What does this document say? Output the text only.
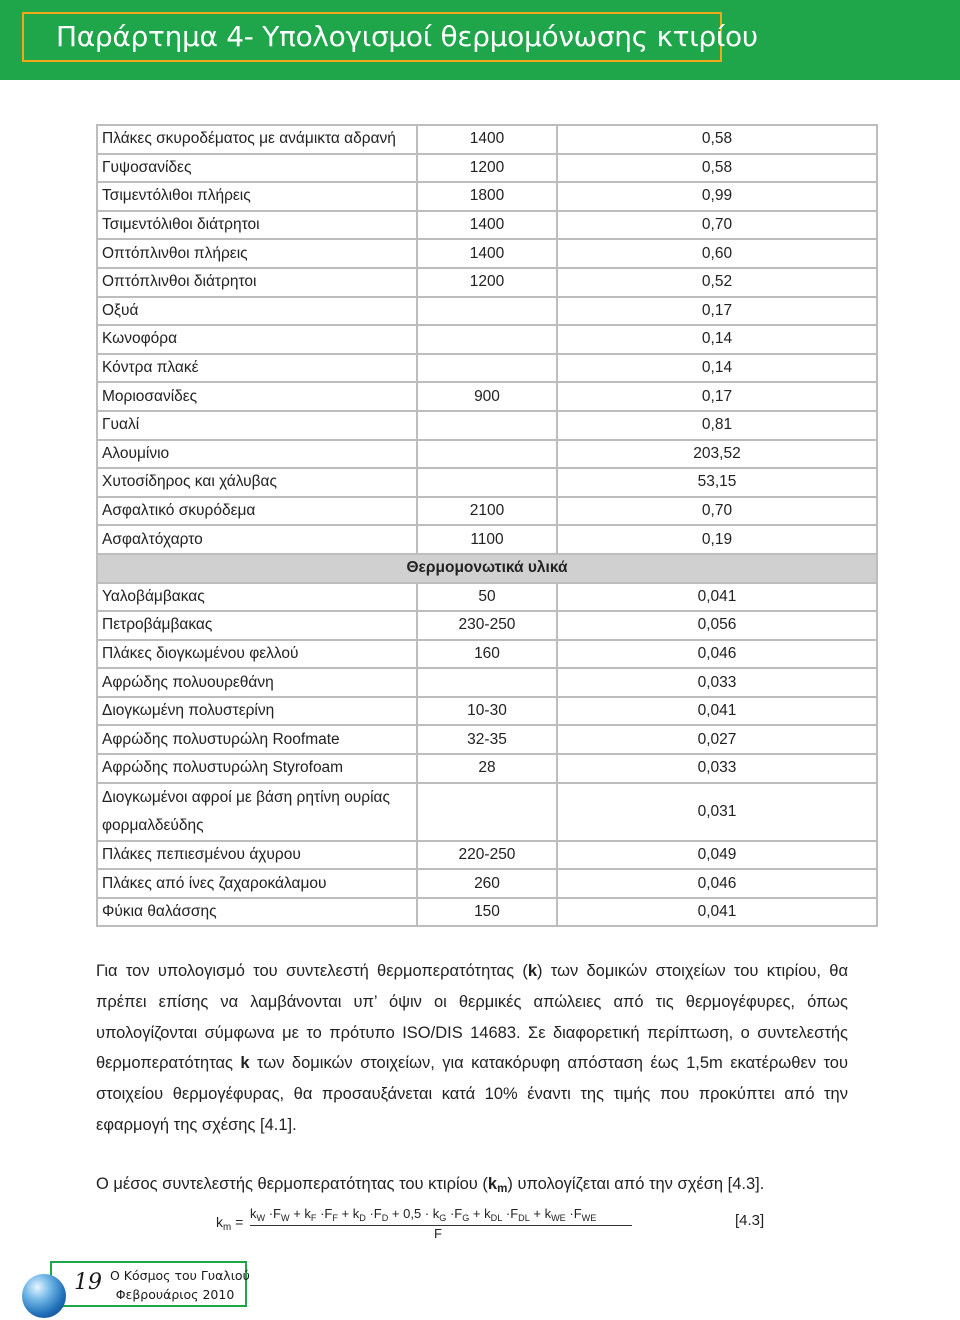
Παράρτημα 4- Υπολογισμοί θερμομόνωσης κτιρίου
Πλάκες σκυροδέματος με ανάμικτα αδρανή	1400	0,58
Γυψοσανίδες	1200	0,58
Τσιμεντόλιθοι πλήρεις	1800	0,99
Τσιμεντόλιθοι διάτρητοι	1400	0,70
Οπτόπλινθοι πλήρεις	1400	0,60
Οπτόπλινθοι διάτρητοι	1200	0,52
Οξυά		0,17
Κωνοφόρα		0,14
Κόντρα πλακέ		0,14
Μοριοσανίδες	900	0,17
Γυαλί		0,81
Αλουμίνιο		203,52
Χυτοσίδηρος και χάλυβας		53,15
Ασφαλτικό σκυρόδεμα	2100	0,70
Ασφαλτόχαρτο	1100	0,19
Θερμομονωτικά υλικά		
Υαλοβάμβακας	50	0,041
Πετροβάμβακας	230-250	0,056
Πλάκες διογκωμένου φελλού	160	0,046
Αφρώδης πολυουρεθάνη		0,033
Διογκωμένη πολυστερίνη	10-30	0,041
Αφρώδης πολυστυρώλη Roofmate	32-35	0,027
Αφρώδης πολυστυρώλη Styrofoam	28	0,033
Διογκωμένοι αφροί με βάση ρητίνη ουρίας φορμαλδεύδης		0,031
Πλάκες πεπιεσμένου άχυρου	220-250	0,049
Πλάκες από ίνες ζαχαροκάλαμου	260	0,046
Φύκια θαλάσσης	150	0,041

Για τον υπολογισμό του συντελεστή θερμοπερατότητας (k) των δομικών στοιχείων του κτιρίου, θα πρέπει επίσης να λαμβάνονται υπ’ όψιν οι θερμικές απώλειες από τις θερμογέφυρες, όπως υπολογίζονται σύμφωνα με το πρότυπο ISO/DIS 14683. Σε διαφορετική περίπτωση, ο συντελεστής θερμοπερατότητας k των δομικών στοιχείων, για κατακόρυφη απόσταση έως 1,5m εκατέρωθεν του στοιχείου θερμογέφυρας, θα προσαυξάνεται κατά 10% έναντι της τιμής που προκύπτει από την εφαρμογή της σχέσης [4.1].

Ο μέσος συντελεστής θερμοπερατότητας του κτιρίου $(k_m)$ υπολογίζεται από την σχέση [4.3].

$k_m$ =
$k_W \cdot F_W + k_F \cdot F_F + k_D \cdot F_D + 0,5 \cdot k_G \cdot F_G + k_{DL} \cdot F_{DL} + k_{WE} \cdot F_{WE}$
F
[4.3]
19 Ο Κόσμος του Γυαλιού
Φεβρουάριος 2010
